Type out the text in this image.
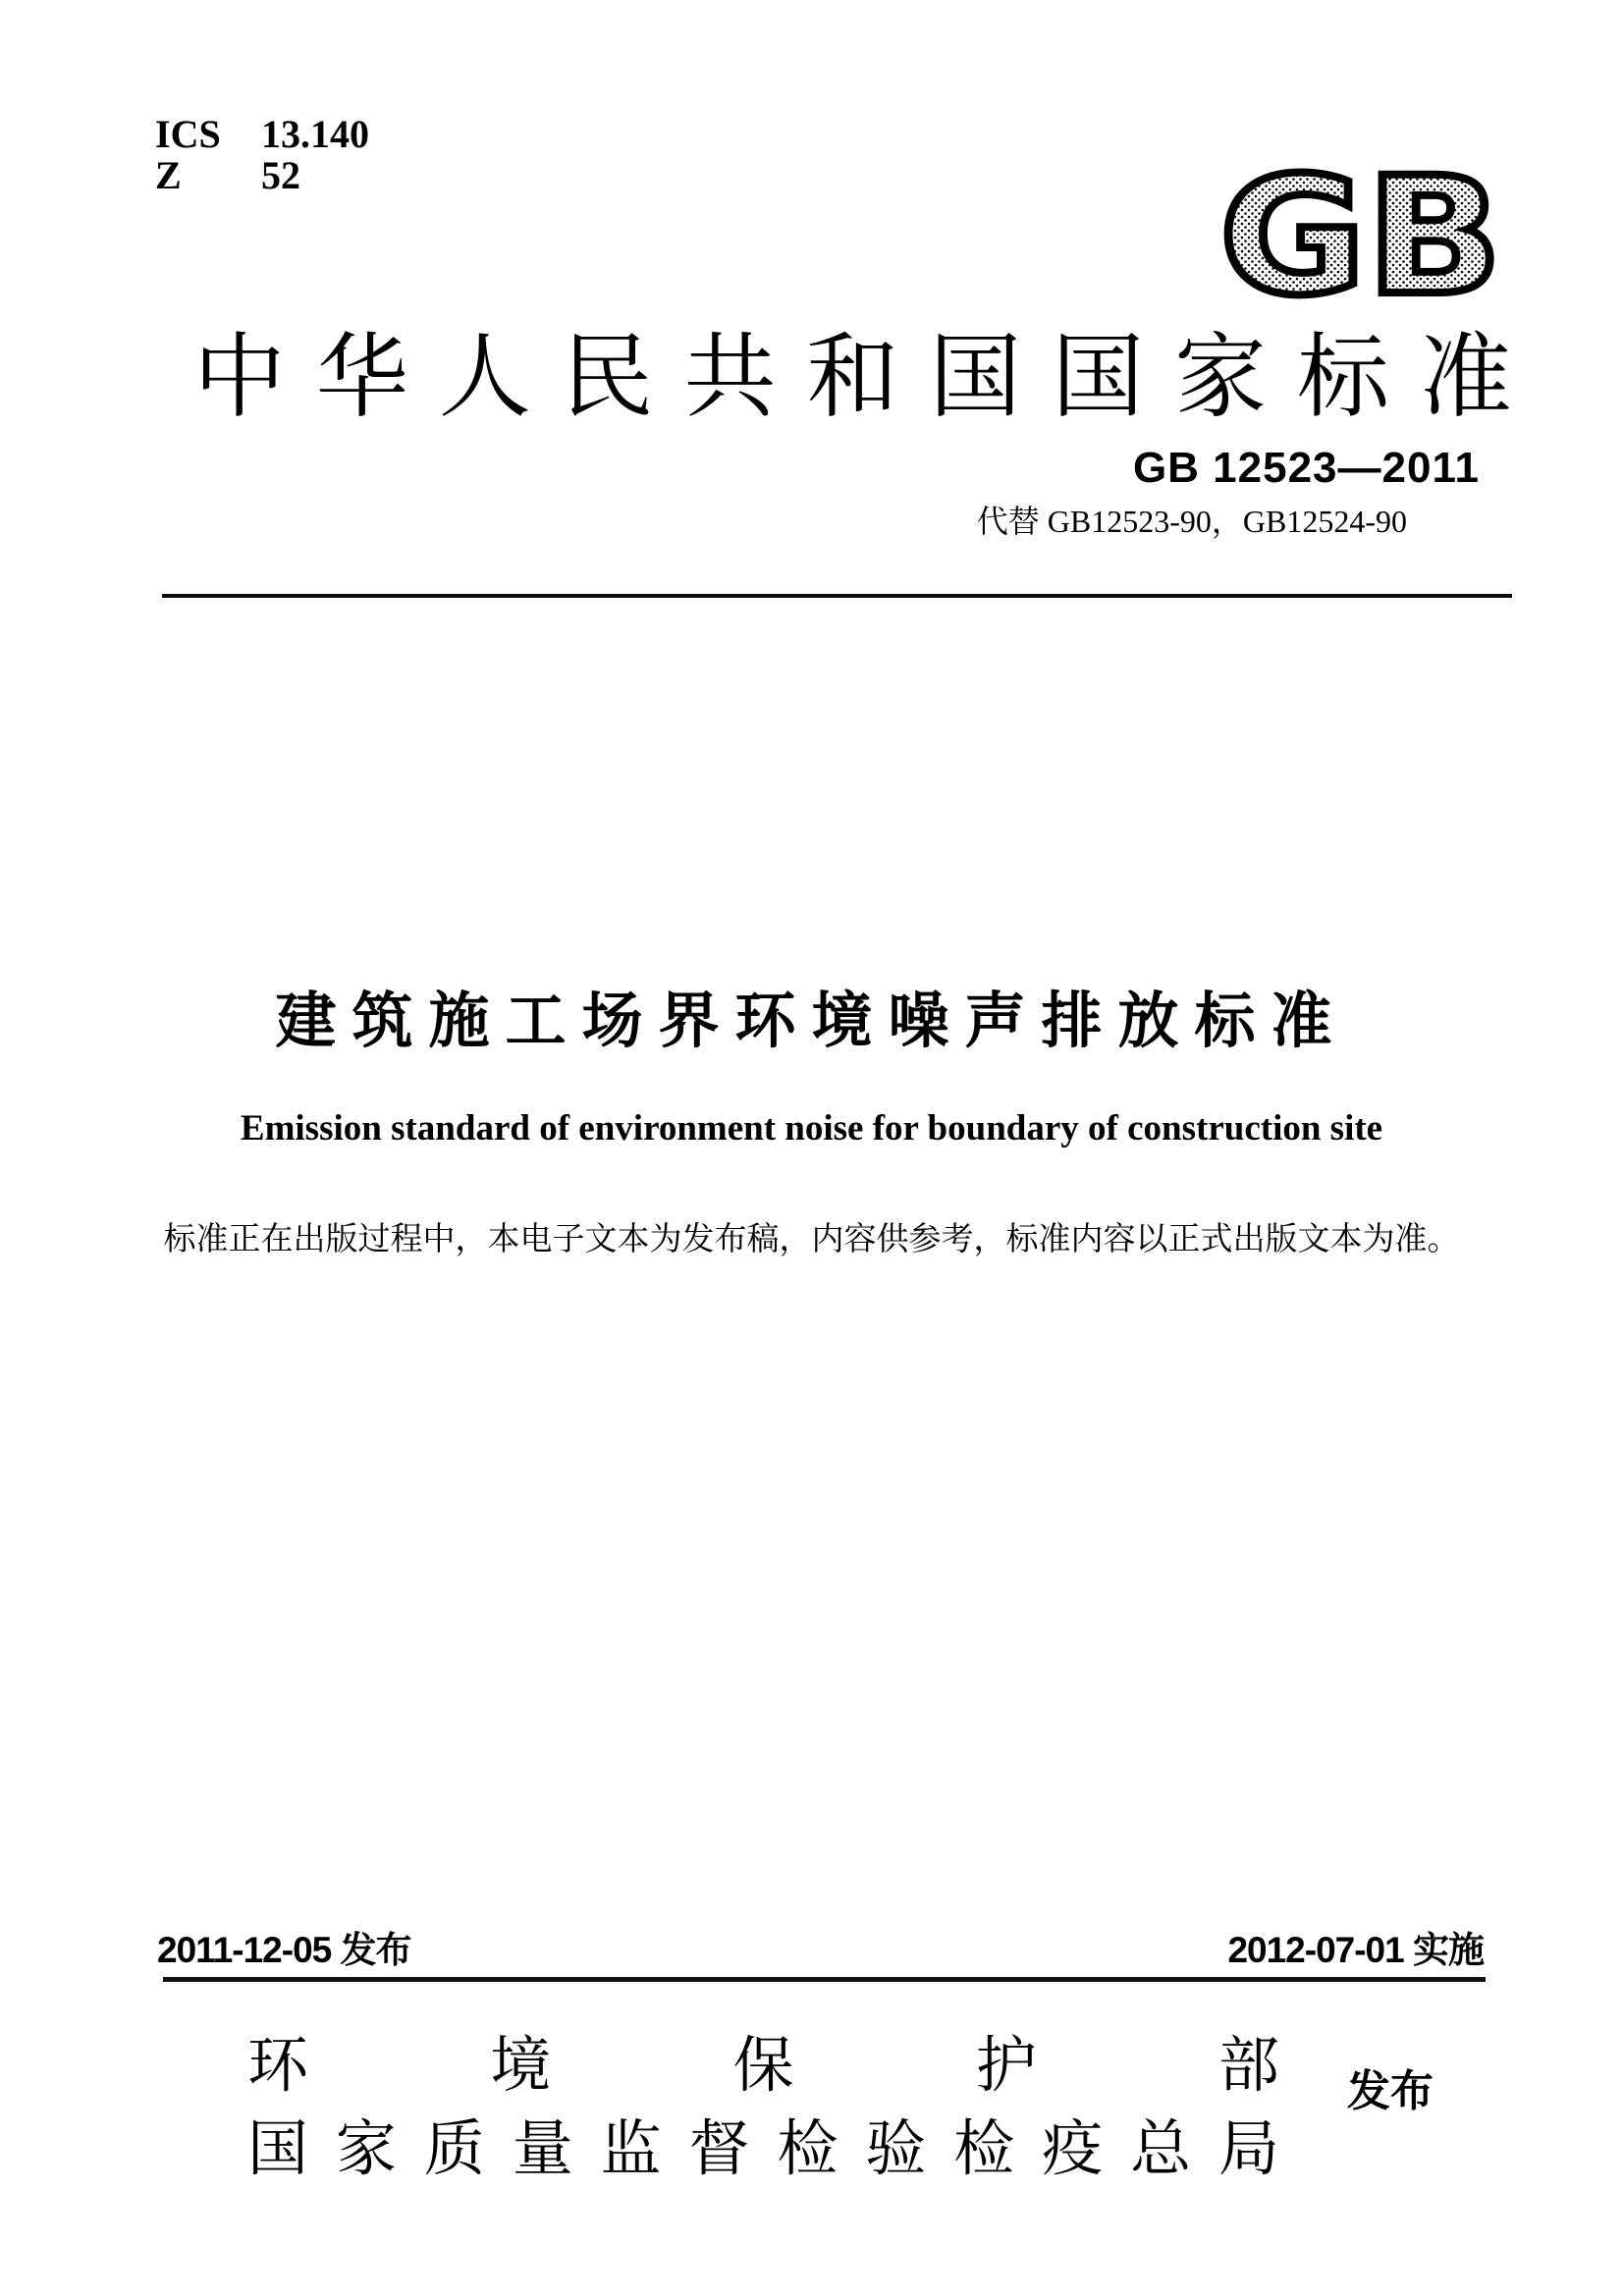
ICS	13.140
Z	52	GB
中 华 人 民 共 和 国 国 家 标 准
GB 12523—2011
代替 GB12523-90，GB12524-90
建筑施工场界环境噪声排放标准
Emission standard of environment noise for boundary of construction site
标准正在出版过程中，本电子文本为发布稿，内容供参考，标准内容以正式出版文本为准。
2011-12-05 发布	2012-07-01 实施
环	境	保	护	部
国 家 质 量 监 督 检 验 检 疫 总 局
发布
